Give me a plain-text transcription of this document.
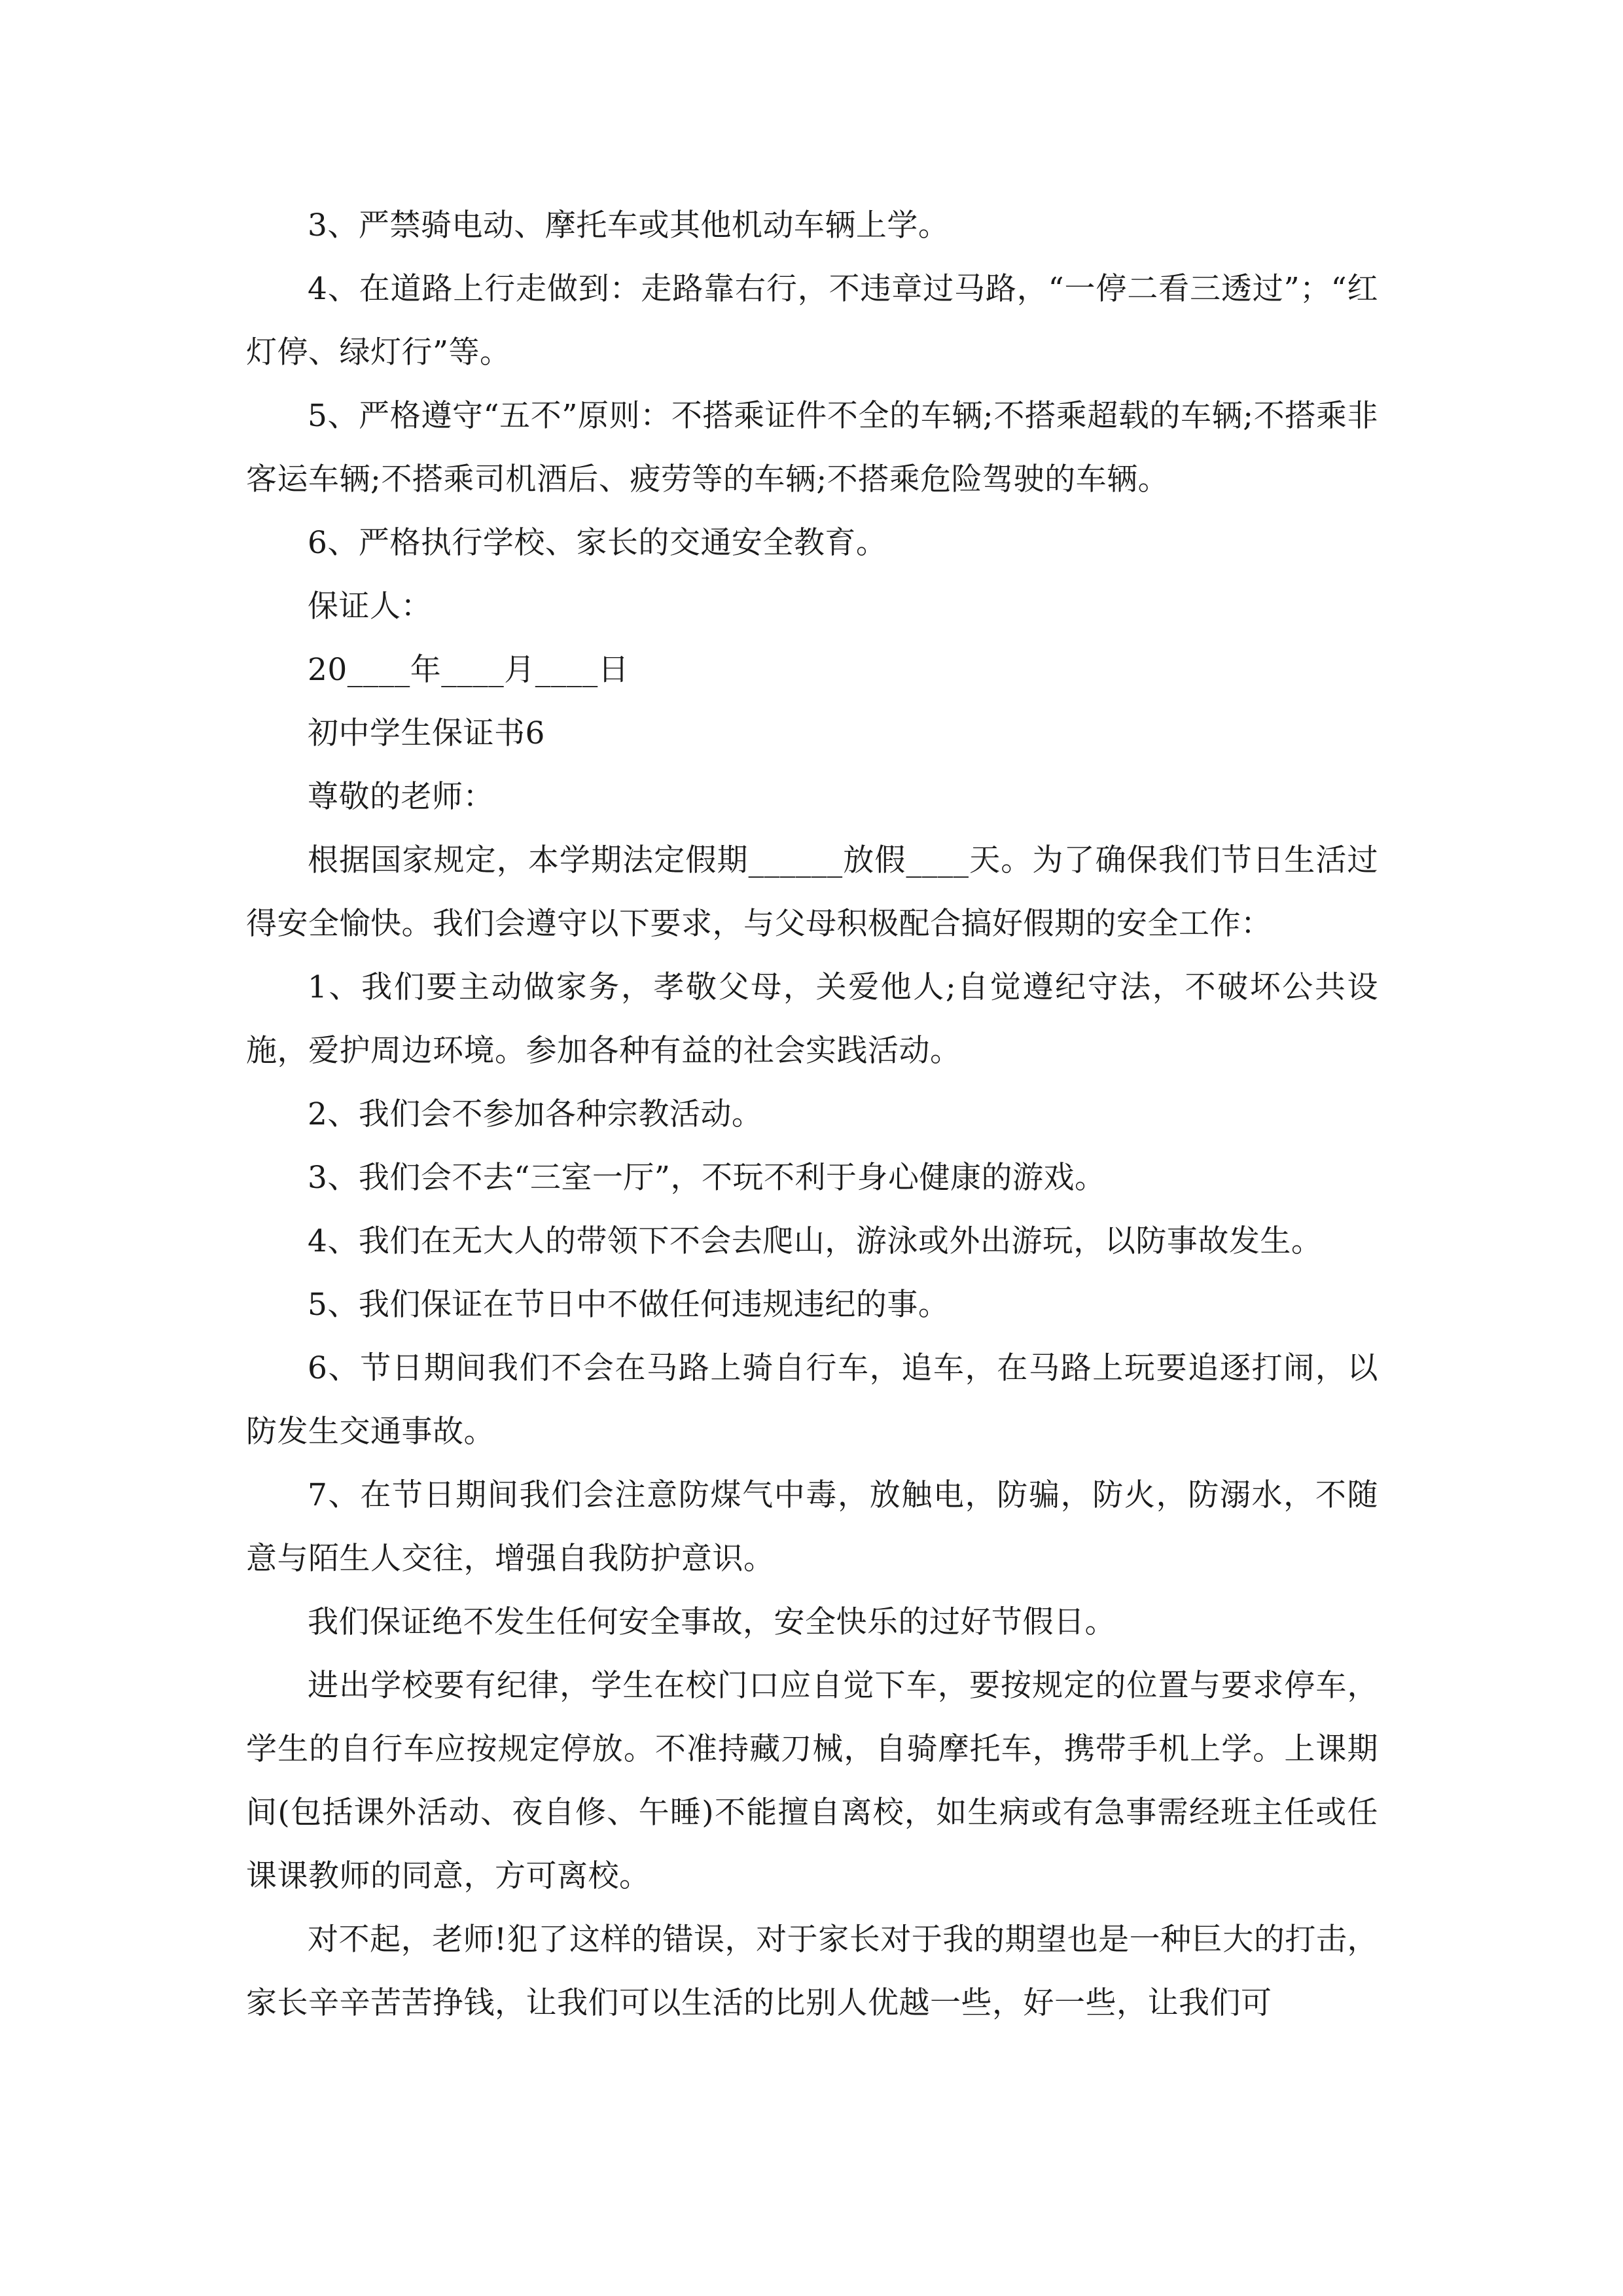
3、严禁骑电动、摩托车或其他机动车辆上学。

4、在道路上行走做到：走路靠右行，不违章过马路，“一停二看三透过”；“红灯停、绿灯行”等。

5、严格遵守“五不”原则：不搭乘证件不全的车辆;不搭乘超载的车辆;不搭乘非客运车辆;不搭乘司机酒后、疲劳等的车辆;不搭乘危险驾驶的车辆。

6、严格执行学校、家长的交通安全教育。

保证人：

20____年____月____日

初中学生保证书6

尊敬的老师：

根据国家规定，本学期法定假期______放假____天。为了确保我们节日生活过得安全愉快。我们会遵守以下要求，与父母积极配合搞好假期的安全工作：

1、我们要主动做家务，孝敬父母，关爱他人;自觉遵纪守法，不破坏公共设施，爱护周边环境。参加各种有益的社会实践活动。

2、我们会不参加各种宗教活动。

3、我们会不去“三室一厅”，不玩不利于身心健康的游戏。

4、我们在无大人的带领下不会去爬山，游泳或外出游玩，以防事故发生。

5、我们保证在节日中不做任何违规违纪的事。

6、节日期间我们不会在马路上骑自行车，追车，在马路上玩要追逐打闹，以防发生交通事故。

7、在节日期间我们会注意防煤气中毒，放触电，防骗，防火，防溺水，不随意与陌生人交往，增强自我防护意识。

我们保证绝不发生任何安全事故，安全快乐的过好节假日。

进出学校要有纪律，学生在校门口应自觉下车，要按规定的位置与要求停车，学生的自行车应按规定停放。不准持藏刀械，自骑摩托车，携带手机上学。上课期间(包括课外活动、夜自修、午睡)不能擅自离校，如生病或有急事需经班主任或任课课教师的同意，方可离校。

对不起，老师!犯了这样的错误，对于家长对于我的期望也是一种巨大的打击，家长辛辛苦苦挣钱，让我们可以生活的比别人优越一些，好一些，让我们可
